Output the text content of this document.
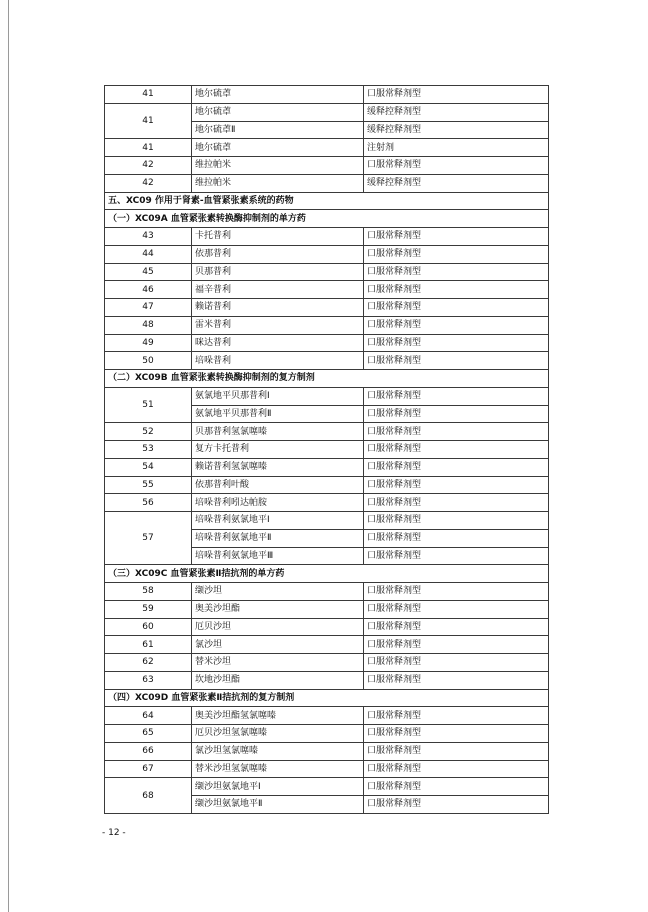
41	地尔硫䓬	口服常释剂型
41	地尔硫䓬	缓释控释剂型
	地尔硫䓬Ⅱ	缓释控释剂型
41	地尔硫䓬	注射剂
42	维拉帕米	口服常释剂型
42	维拉帕米	缓释控释剂型
五、XC09 作用于肾素-血管紧张素系统的药物		
（一）XC09A 血管紧张素转换酶抑制剂的单方药		
43	卡托普利	口服常释剂型
44	依那普利	口服常释剂型
45	贝那普利	口服常释剂型
46	福辛普利	口服常释剂型
47	赖诺普利	口服常释剂型
48	雷米普利	口服常释剂型
49	咪达普利	口服常释剂型
50	培哚普利	口服常释剂型
（二）XC09B 血管紧张素转换酶抑制剂的复方制剂		
51	氨氯地平贝那普利Ⅰ	口服常释剂型
	氨氯地平贝那普利Ⅱ	口服常释剂型
52	贝那普利氢氯噻嗪	口服常释剂型
53	复方卡托普利	口服常释剂型
54	赖诺普利氢氯噻嗪	口服常释剂型
55	依那普利叶酸	口服常释剂型
56	培哚普利吲达帕胺	口服常释剂型
57	培哚普利氨氯地平Ⅰ	口服常释剂型
	培哚普利氨氯地平Ⅱ	口服常释剂型
	培哚普利氨氯地平Ⅲ	口服常释剂型
（三）XC09C 血管紧张素Ⅱ拮抗剂的单方药		
58	缬沙坦	口服常释剂型
59	奥美沙坦酯	口服常释剂型
60	厄贝沙坦	口服常释剂型
61	氯沙坦	口服常释剂型
62	替米沙坦	口服常释剂型
63	坎地沙坦酯	口服常释剂型
（四）XC09D 血管紧张素Ⅱ拮抗剂的复方制剂		
64	奥美沙坦酯氢氯噻嗪	口服常释剂型
65	厄贝沙坦氢氯噻嗪	口服常释剂型
66	氯沙坦氢氯噻嗪	口服常释剂型
67	替米沙坦氢氯噻嗪	口服常释剂型
68	缬沙坦氨氯地平Ⅰ	口服常释剂型
	缬沙坦氨氯地平Ⅱ	口服常释剂型
- 12 -
